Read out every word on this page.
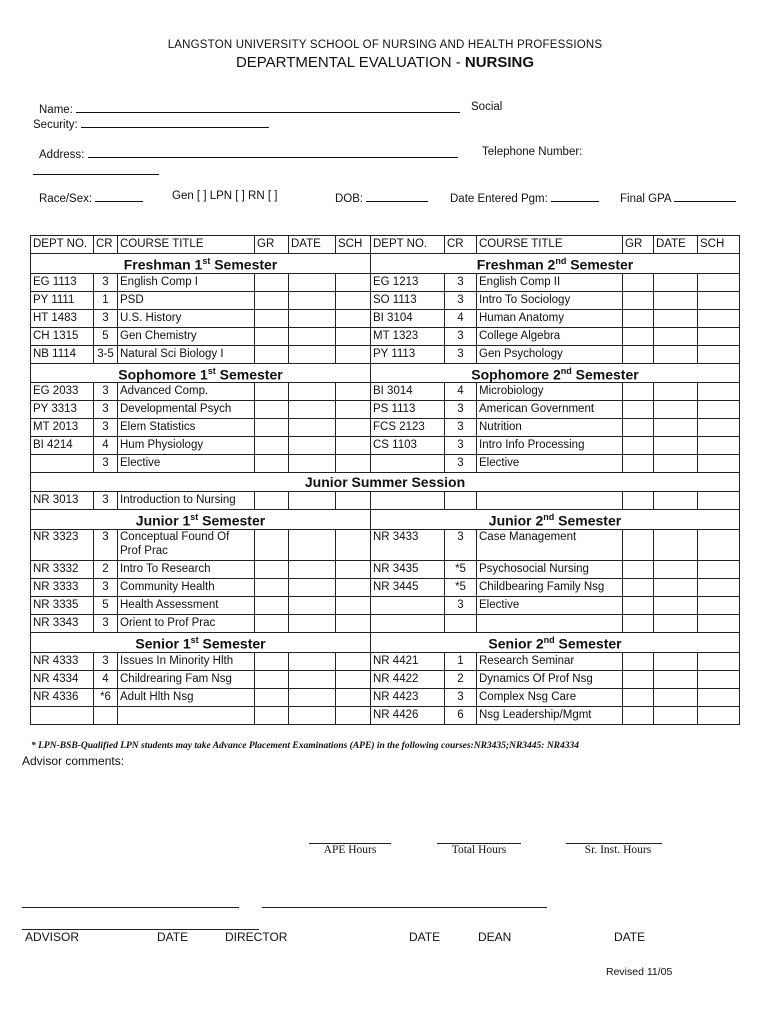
LANGSTON UNIVERSITY SCHOOL OF NURSING AND HEALTH PROFESSIONS
DEPARTMENTAL EVALUATION - NURSING
Name:	Social
Security:
Address:	Telephone Number:
Race/Sex:	Gen [ ] LPN [ ] RN [ ]	DOB:	Date Entered Pgm:	Final GPA
DEPT NO.	CR	COURSE TITLE	GR	DATE	SCH	DEPT NO.	CR	COURSE TITLE	GR	DATE	SCH
Freshman 1st Semester						Freshman 2nd Semester					
EG 1113	3	English Comp I				EG 1213	3	English Comp II			
PY 1111	1	PSD				SO 1113	3	Intro To Sociology			
HT 1483	3	U.S. History				BI 3104	4	Human Anatomy			
CH 1315	5	Gen Chemistry				MT 1323	3	College Algebra			
NB 1114	3-5	Natural Sci Biology I				PY 1113	3	Gen Psychology			
Sophomore 1st Semester						Sophomore 2nd Semester					
EG 2033	3	Advanced Comp.				BI 3014	4	Microbiology			
PY 3313	3	Developmental Psych				PS 1113	3	American Government			
MT 2013	3	Elem Statistics				FCS 2123	3	Nutrition			
BI 4214	4	Hum Physiology				CS 1103	3	Intro Info Processing			
	3	Elective					3	Elective			
Junior Summer Session											
NR 3013	3	Introduction to Nursing									
Junior 1st Semester						Junior 2nd Semester					
NR 3323	3	Conceptual Found Of Prof Prac				NR 3433	3	Case Management			
NR 3332	2	Intro To Research				NR 3435	*5	Psychosocial Nursing			
NR 3333	3	Community Health				NR 3445	*5	Childbearing Family Nsg			
NR 3335	5	Health Assessment					3	Elective			
NR 3343	3	Orient to Prof Prac									
Senior 1st Semester						Senior 2nd Semester					
NR 4333	3	Issues In Minority Hlth				NR 4421	1	Research Seminar			
NR 4334	4	Childrearing Fam Nsg				NR 4422	2	Dynamics Of Prof Nsg			
NR 4336	*6	Adult Hlth Nsg				NR 4423	3	Complex Nsg Care			
						NR 4426	6	Nsg Leadership/Mgmt			
* LPN-BSB-Qualified LPN students may take Advance Placement Examinations (APE) in the following courses:NR3435;NR3445: NR4334
Advisor comments:
APE Hours	Total Hours	Sr. Inst. Hours
ADVISOR	DATE	DIRECTOR	DATE	DEAN	DATE
Revised 11/05
